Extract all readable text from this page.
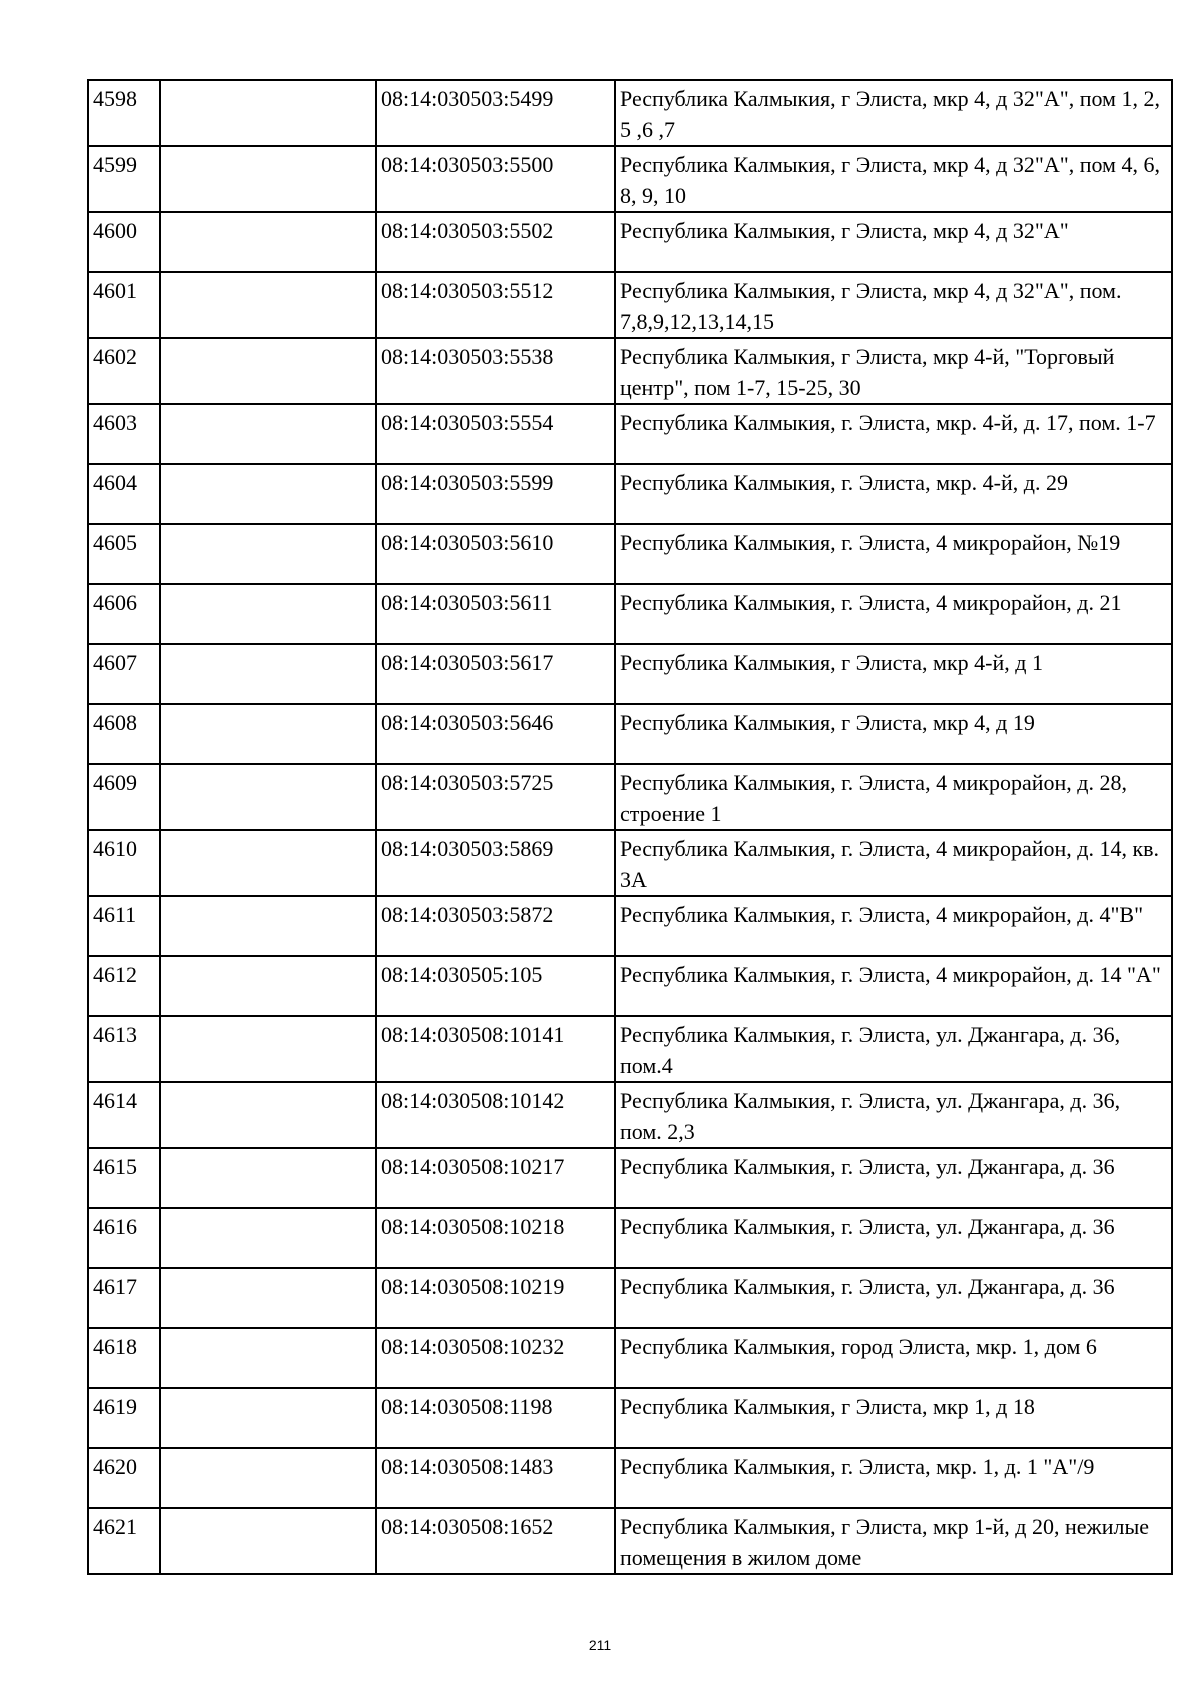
4598		08:14:030503:5499	Республика Калмыкия, г Элиста, мкр 4, д 32"А", пом 1, 2, 5 ,6 ,7
4599		08:14:030503:5500	Республика Калмыкия, г Элиста, мкр 4, д 32"А", пом 4, 6, 8, 9, 10
4600		08:14:030503:5502	Республика Калмыкия, г Элиста, мкр 4, д 32"А"
4601		08:14:030503:5512	Республика Калмыкия, г Элиста, мкр 4, д 32"А", пом. 7,8,9,12,13,14,15
4602		08:14:030503:5538	Республика Калмыкия, г Элиста, мкр 4-й, "Торговый центр", пом 1-7, 15-25, 30
4603		08:14:030503:5554	Республика Калмыкия, г. Элиста, мкр. 4-й, д. 17, пом. 1-7
4604		08:14:030503:5599	Республика Калмыкия, г. Элиста, мкр. 4-й, д. 29
4605		08:14:030503:5610	Республика Калмыкия, г. Элиста, 4 микрорайон, №19
4606		08:14:030503:5611	Республика Калмыкия, г. Элиста, 4 микрорайон, д. 21
4607		08:14:030503:5617	Республика Калмыкия, г Элиста, мкр 4-й, д 1
4608		08:14:030503:5646	Республика Калмыкия, г Элиста, мкр 4, д 19
4609		08:14:030503:5725	Республика Калмыкия, г. Элиста, 4 микрорайон, д. 28, строение 1
4610		08:14:030503:5869	Республика Калмыкия, г. Элиста, 4 микрорайон, д. 14, кв. 3А
4611		08:14:030503:5872	Республика Калмыкия, г. Элиста, 4 микрорайон, д. 4"В"
4612		08:14:030505:105	Республика Калмыкия, г. Элиста, 4 микрорайон, д. 14 "А"
4613		08:14:030508:10141	Республика Калмыкия, г. Элиста, ул. Джангара, д. 36, пом.4
4614		08:14:030508:10142	Республика Калмыкия, г. Элиста, ул. Джангара, д. 36, пом. 2,3
4615		08:14:030508:10217	Республика Калмыкия, г. Элиста, ул. Джангара, д. 36
4616		08:14:030508:10218	Республика Калмыкия, г. Элиста, ул. Джангара, д. 36
4617		08:14:030508:10219	Республика Калмыкия, г. Элиста, ул. Джангара, д. 36
4618		08:14:030508:10232	Республика Калмыкия, город Элиста, мкр. 1, дом 6
4619		08:14:030508:1198	Республика Калмыкия, г Элиста, мкр 1, д 18
4620		08:14:030508:1483	Республика Калмыкия, г. Элиста, мкр. 1, д. 1 "А"/9
4621		08:14:030508:1652	Республика Калмыкия, г Элиста, мкр 1-й, д 20, нежилые помещения в жилом доме
211
